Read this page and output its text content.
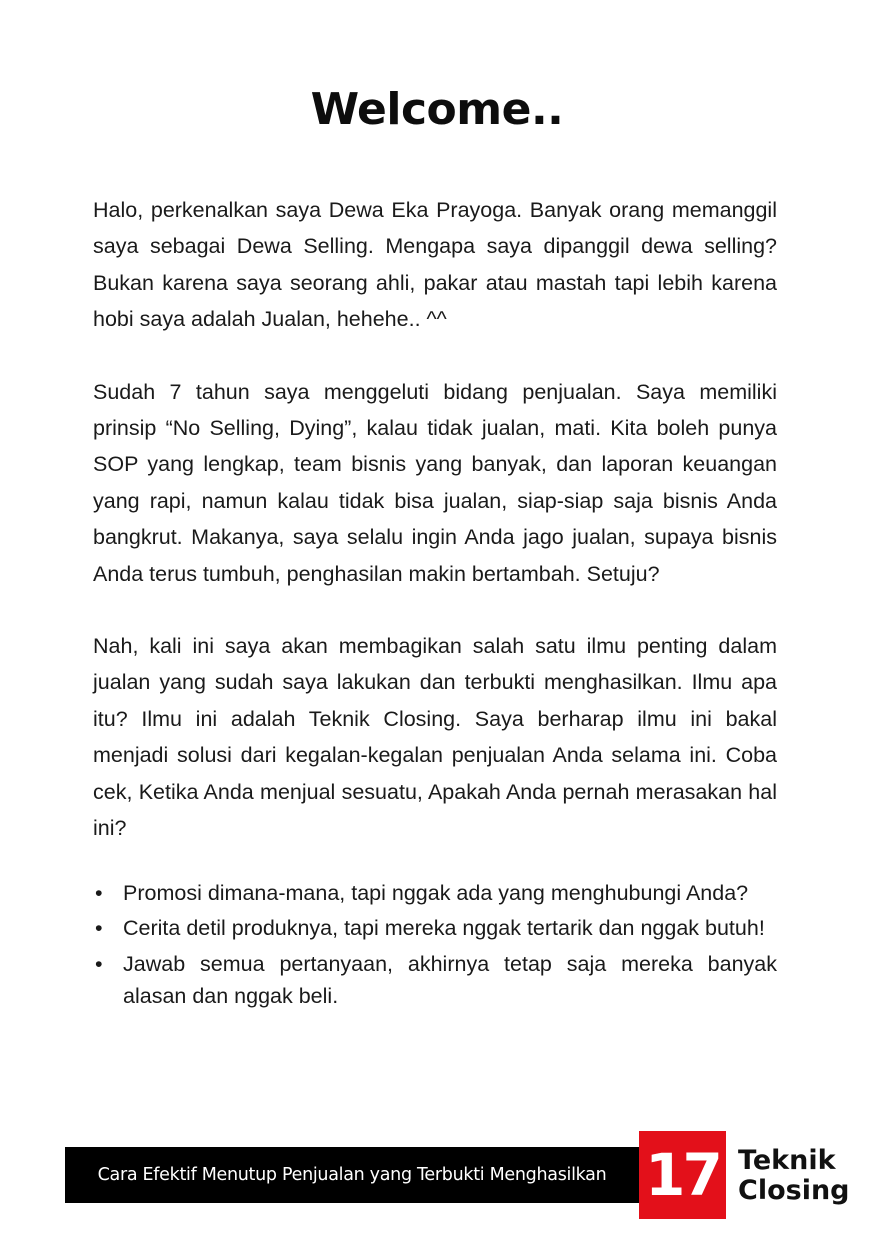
Welcome..

Halo, perkenalkan saya Dewa Eka Prayoga. Banyak orang memanggil saya sebagai Dewa Selling. Mengapa saya dipanggil dewa selling? Bukan karena saya seorang ahli, pakar atau mastah tapi lebih karena hobi saya adalah Jualan, hehehe.. ^^

Sudah 7 tahun saya menggeluti bidang penjualan. Saya memiliki prinsip “No Selling, Dying”, kalau tidak jualan, mati. Kita boleh punya SOP yang lengkap, team bisnis yang banyak, dan laporan keuangan yang rapi, namun kalau tidak bisa jualan, siap-siap saja bisnis Anda bangkrut. Makanya, saya selalu ingin Anda jago jualan, supaya bisnis Anda terus tumbuh, penghasilan makin bertambah. Setuju?

Nah, kali ini saya akan membagikan salah satu ilmu penting dalam jualan yang sudah saya lakukan dan terbukti menghasilkan. Ilmu apa itu? Ilmu ini adalah Teknik Closing. Saya berharap ilmu ini bakal menjadi solusi dari kegalan-kegalan penjualan Anda selama ini. Coba cek, Ketika Anda menjual sesuatu, Apakah Anda pernah merasakan hal ini?

• Promosi dimana-mana, tapi nggak ada yang menghubungi Anda?
• Cerita detil produknya, tapi mereka nggak tertarik dan nggak butuh!
• Jawab semua pertanyaan, akhirnya tetap saja mereka banyak alasan dan nggak beli.
Cara Efektif Menutup Penjualan yang Terbukti Menghasilkan 17 Teknik
Closing
